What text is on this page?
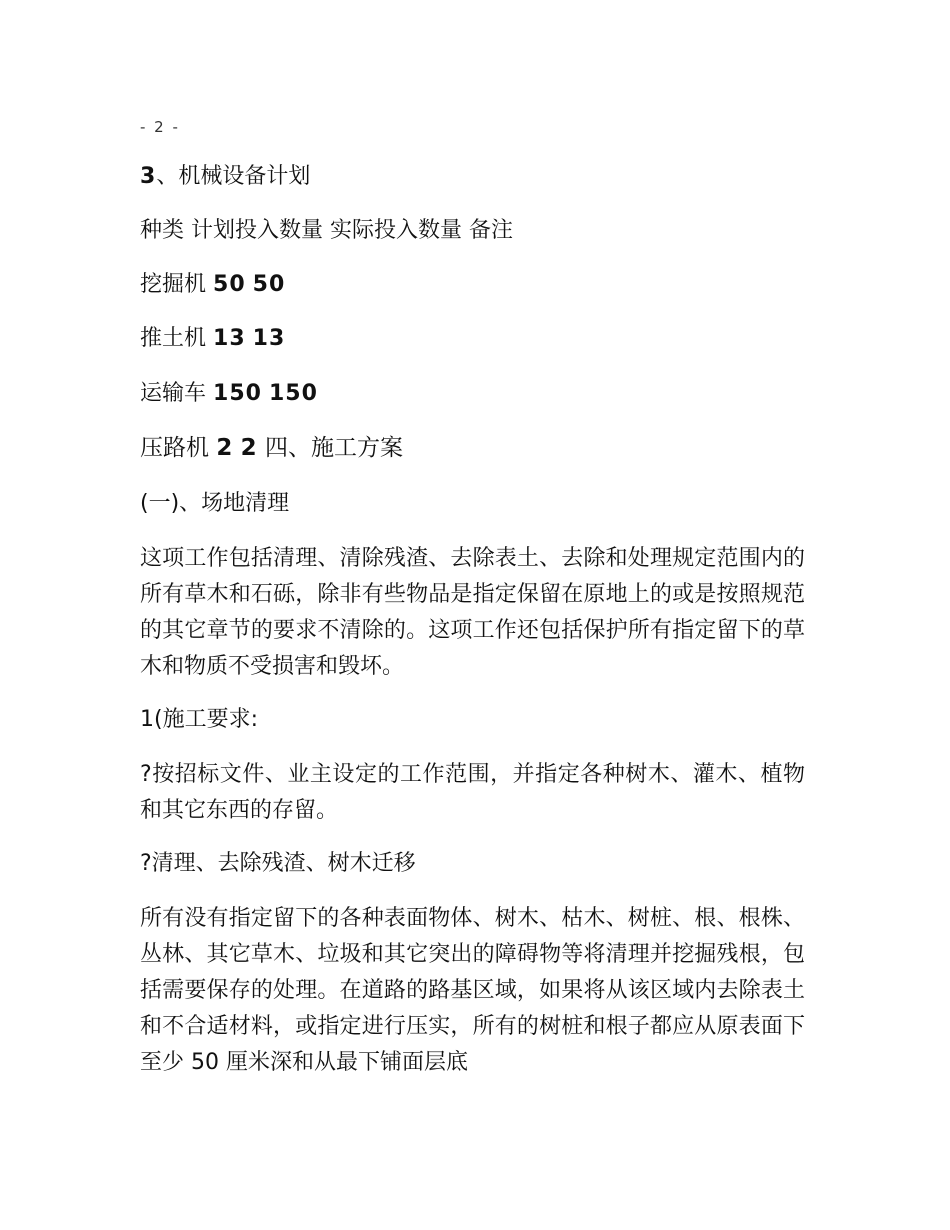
- 2 -
3、机械设备计划
种类 计划投入数量 实际投入数量 备注
挖掘机 50 50
推土机 13 13
运输车 150 150
压路机 2 2 四、施工方案
(一)、场地清理
这项工作包括清理、清除残渣、去除表土、去除和处理规定范围内的所有草木和石砾，除非有些物品是指定保留在原地上的或是按照规范的其它章节的要求不清除的。这项工作还包括保护所有指定留下的草木和物质不受损害和毁坏。
1(施工要求:
?按招标文件、业主设定的工作范围，并指定各种树木、灌木、植物和其它东西的存留。
?清理、去除残渣、树木迁移
所有没有指定留下的各种表面物体、树木、枯木、树桩、根、根株、丛林、其它草木、垃圾和其它突出的障碍物等将清理并挖掘残根，包括需要保存的处理。在道路的路基区域，如果将从该区域内去除表土和不合适材料，或指定进行压实，所有的树桩和根子都应从原表面下至少 50 厘米深和从最下铺面层底
